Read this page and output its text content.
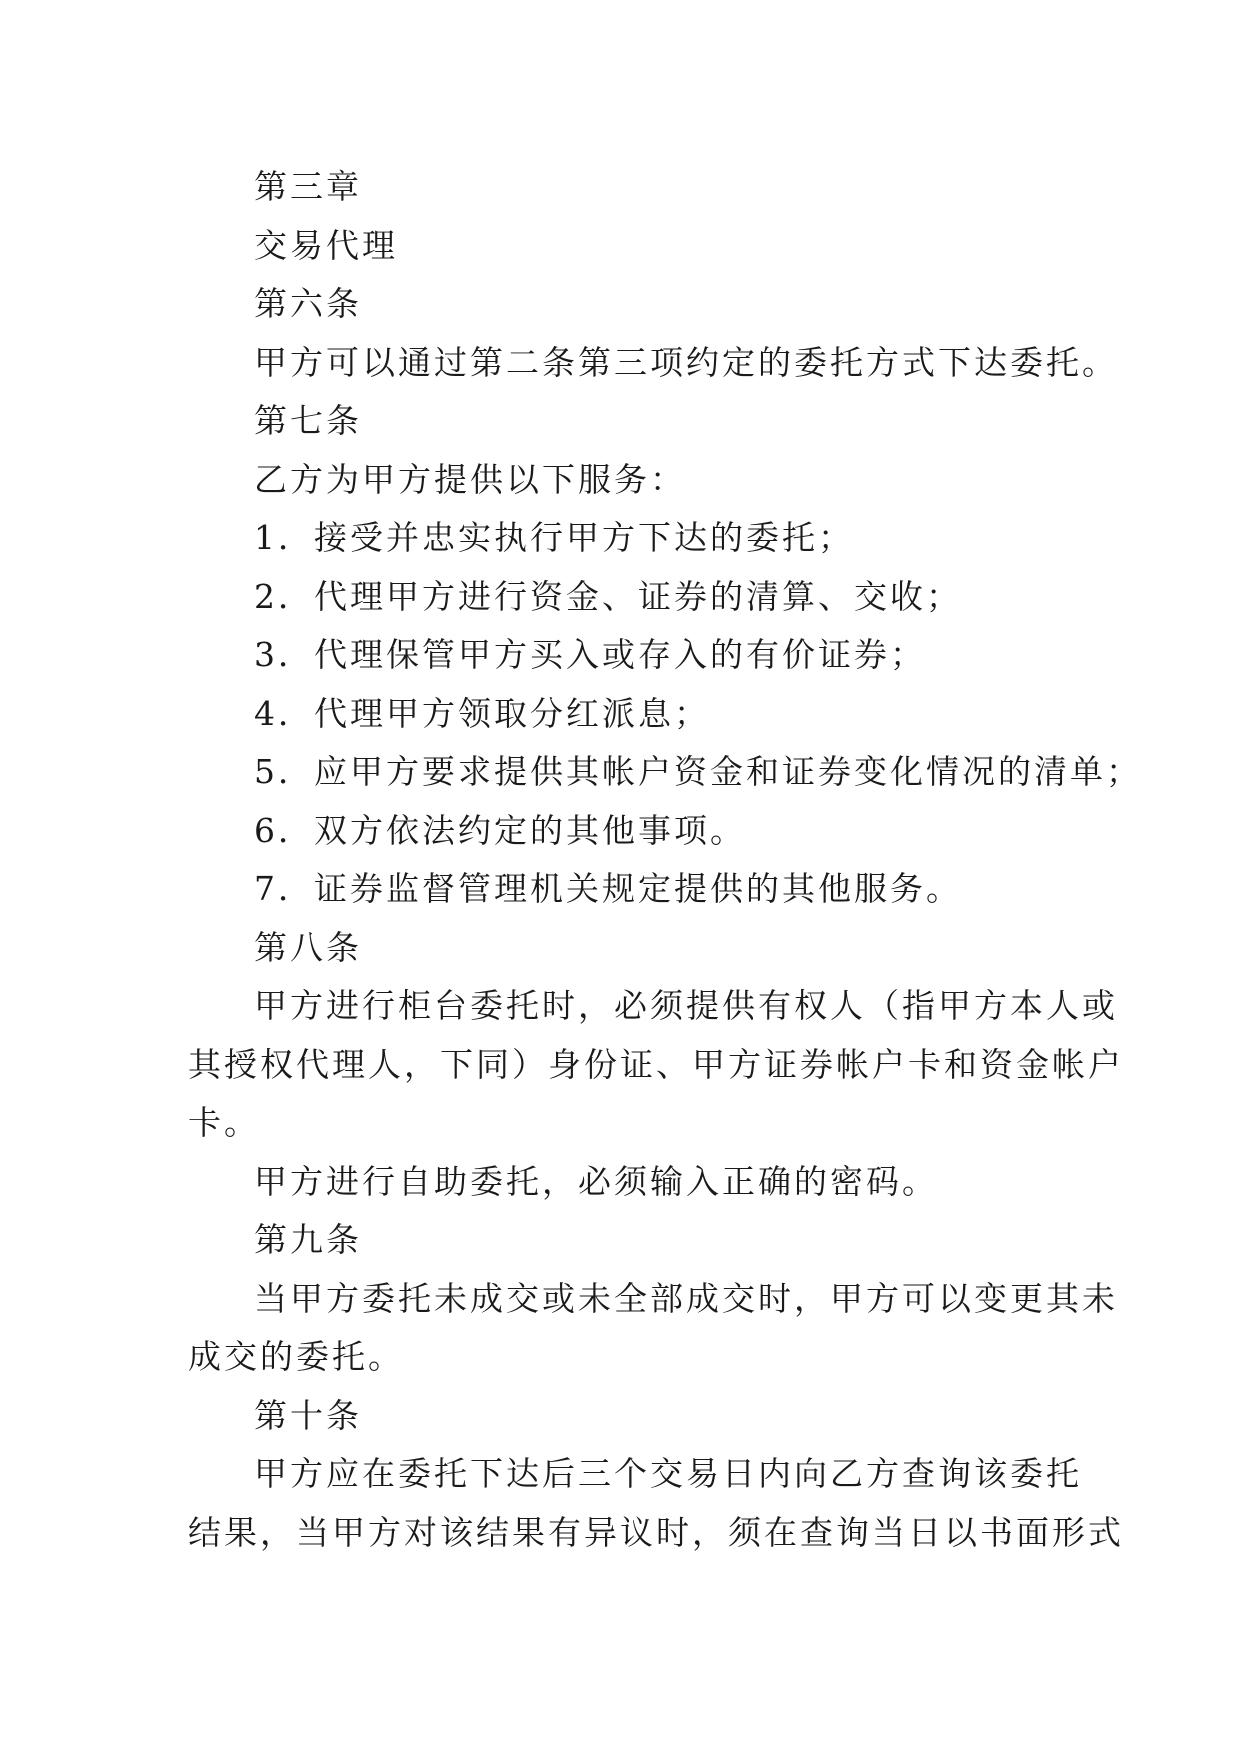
第三章
交易代理
第六条
甲方可以通过第二条第三项约定的委托方式下达委托。
第七条
乙方为甲方提供以下服务：
1．接受并忠实执行甲方下达的委托；
2．代理甲方进行资金、证券的清算、交收；
3．代理保管甲方买入或存入的有价证券；
4．代理甲方领取分红派息；
5．应甲方要求提供其帐户资金和证券变化情况的清单；
6．双方依法约定的其他事项。
7．证券监督管理机关规定提供的其他服务。
第八条
甲方进行柜台委托时，必须提供有权人（指甲方本人或
其授权代理人，下同）身份证、甲方证券帐户卡和资金帐户
卡。
甲方进行自助委托，必须输入正确的密码。
第九条
当甲方委托未成交或未全部成交时，甲方可以变更其未
成交的委托。
第十条
甲方应在委托下达后三个交易日内向乙方查询该委托
结果，当甲方对该结果有异议时，须在查询当日以书面形式
